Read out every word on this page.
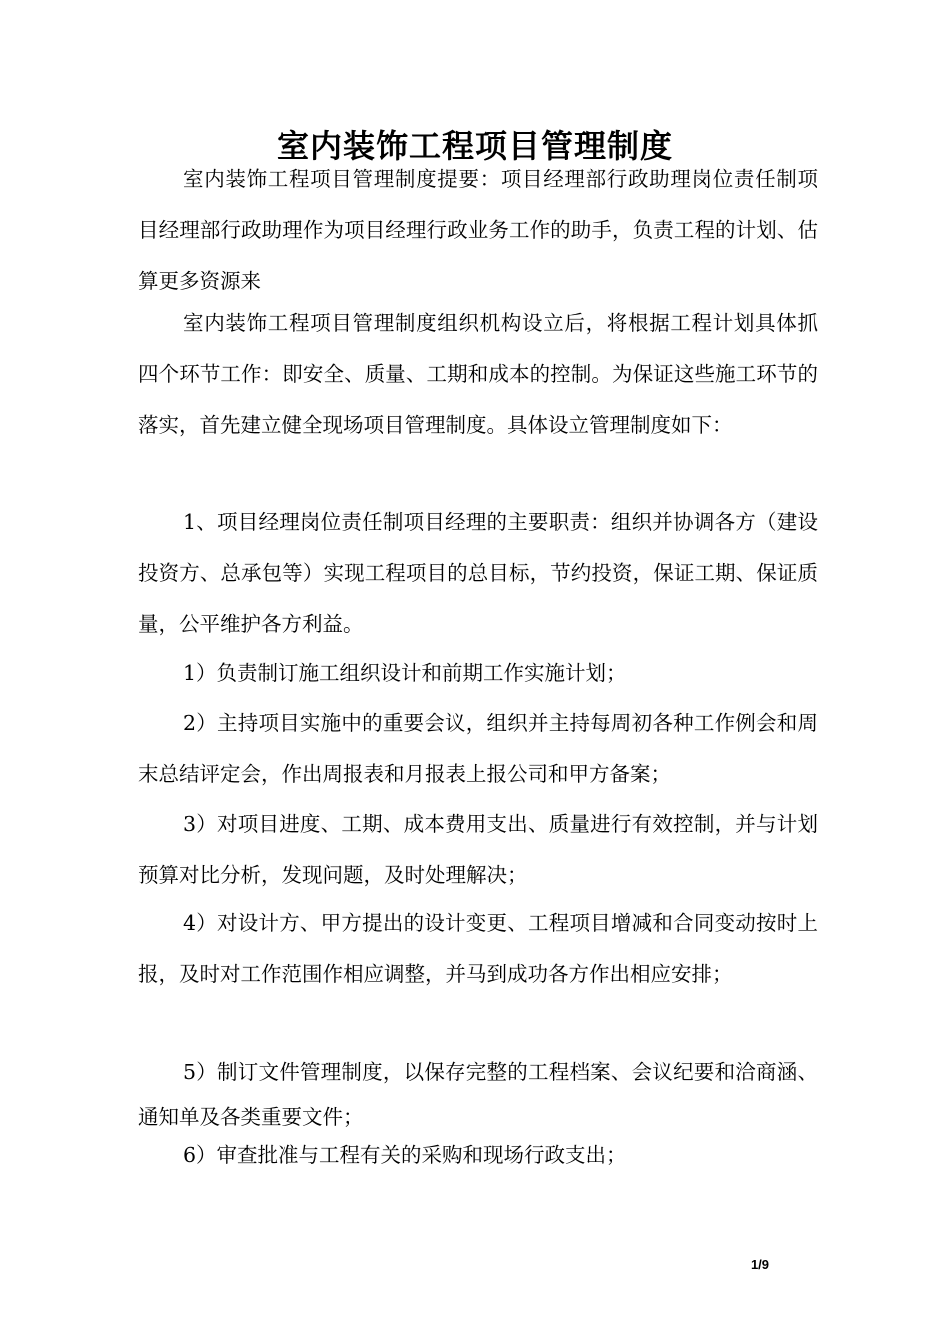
室内装饰工程项目管理制度

室内装饰工程项目管理制度提要：项目经理部行政助理岗位责任制项目经理部行政助理作为项目经理行政业务工作的助手，负责工程的计划、估算更多资源来

室内装饰工程项目管理制度组织机构设立后，将根据工程计划具体抓四个环节工作：即安全、质量、工期和成本的控制。为保证这些施工环节的落实，首先建立健全现场项目管理制度。具体设立管理制度如下：

1、项目经理岗位责任制项目经理的主要职责：组织并协调各方（建设投资方、总承包等）实现工程项目的总目标，节约投资，保证工期、保证质量，公平维护各方利益。

1）负责制订施工组织设计和前期工作实施计划；

2）主持项目实施中的重要会议，组织并主持每周初各种工作例会和周末总结评定会，作出周报表和月报表上报公司和甲方备案；

3）对项目进度、工期、成本费用支出、质量进行有效控制，并与计划预算对比分析，发现问题，及时处理解决；

4）对设计方、甲方提出的设计变更、工程项目增减和合同变动按时上报，及时对工作范围作相应调整，并马到成功各方作出相应安排；

5）制订文件管理制度，以保存完整的工程档案、会议纪要和洽商涵、通知单及各类重要文件；

6）审查批准与工程有关的采购和现场行政支出；

1/9
